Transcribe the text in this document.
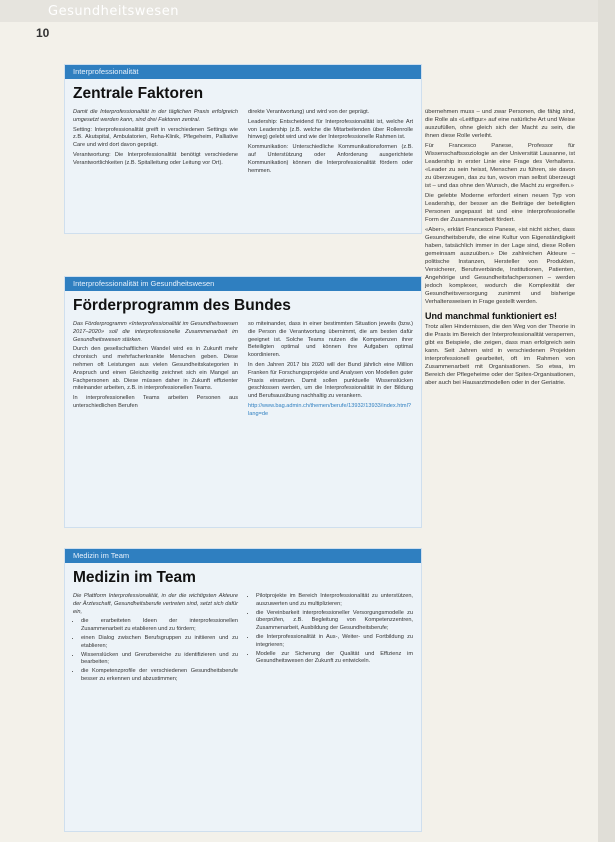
Gesundheitswesen
10
Interprofessionalität
Zentrale Faktoren

Damit die Interprofessionalität in der täglichen Praxis erfolgreich umgesetzt werden kann, sind drei Faktoren zentral.

Setting: Interprofessionalität greift in verschiedenen Settings wie z.B. Akutspital, Ambulatorien, Reha-Klinik, Pflegeheim, Palliative Care und wird dort davon geprägt.

Verantwortung: Die Interprofessionalität benötigt verschiedene Verantwortlichkeiten (z.B. Spitalleitung oder Leitung vor Ort).

direkte Verantwortung) und wird von der geprägt.

Leadership: Entscheidend für Interprofessionalität ist, welche Art von Leadership (z.B. welche die Mitarbeitenden über Rollenrolle hinweg) gelebt wird und wie der Interprofessionelle Rahmen ist.

Kommunikation: Unterschiedliche Kommunikationsformen (z.B. auf Unterstützung oder Anforderung ausgerichtete Kommunikation) können die Interprofessionalität fördern oder hemmen.

Interprofessionalität im Gesundheitswesen
Förderprogramm des Bundes

Das Förderprogramm «Interprofessionalität im Gesundheitswesen 2017–2020» soll die interprofessionelle Zusammenarbeit im Gesundheitswesen stärken.

Durch den gesellschaftlichen Wandel wird es in Zukunft mehr chronisch und mehrfacherkrankte Menschen geben. Diese nehmen oft Leistungen aus vielen Gesundheitskategorien in Anspruch und einen Gleichzeitig zeichnet sich ein Mangel an Fachpersonen ab. Diese müssen daher in Zukunft effizienter miteinander arbeiten, z.B. in interprofessionellen Teams.

In interprofessionellen Teams arbeiten Personen aus unterschiedlichen Berufen

so miteinander, dass in einer bestimmten Situation jeweils (bzw.) die Person die Verantwortung übernimmt, die am besten dafür geeignet ist. Solche Teams nutzen die Kompetenzen ihrer Beteiligten optimal und können ihre Aufgaben optimal koordinieren.

In den Jahren 2017 bis 2020 will der Bund jährlich eine Million Franken für Forschungsprojekte und Analysen von Modellen guter Praxis einsetzen. Damit sollen punktuelle Wissenslücken geschlossen werden, um die Interprofessionalität in der Bildung und Berufsausübung nachhaltig zu verankern.

http://www.bag.admin.ch/themen/berufe/13932/13933/index.html?lang=de

Medizin im Team
Medizin im Team

Die Plattform Interprofessionalität, in der die wichtigsten Akteure der Ärzteschaft, Gesundheitsberufe vertreten sind, setzt sich dafür ein,

• die erarbeiteten Ideen der interprofessionellen Zusammenarbeit zu etablieren und zu fördern;
• einen Dialog zwischen Berufsgruppen zu initiieren und zu etablieren;
• Wissenslücken und Grenzbereiche zu identifizieren und zu bearbeiten;
• die Kompetenzprofile der verschiedenen Gesundheitsberufe besser zu erkennen und abzustimmen;
• Pilotprojekte im Bereich Interprofessionalität zu unterstützen, auszuwerten und zu multiplizieren;
• die Vereinbarkeit interprofessioneller Versorgungsmodelle zu überprüfen, z.B. Begleitung von Kompetenzzentren, Zusammenarbeit, Ausbildung der Gesundheitsberufe;
• die Interprofessionalität in Aus-, Weiter- und Fortbildung zu integrieren;
• Modelle zur Sicherung der Qualität und Effizienz im Gesundheitswesen der Zukunft zu entwickeln.

übernehmen muss – und zwar Personen, die fähig sind, die Rolle als «Leitfigur» auf eine natürliche Art und Weise auszufüllen, ohne gleich sich der Macht zu sein, die ihnen diese Rolle verleiht.

Für Francesco Panese, Professor für Wissenschaftssoziologie an der Universität Lausanne, ist Leadership in erster Linie eine Frage des Verhaltens. «Leader zu sein heisst, Menschen zu führen, sie davon zu überzeugen, das zu tun, wovon man selbst überzeugt ist – und das ohne den Wunsch, die Macht zu ergreifen.»

Die gelebte Moderne erfordert einen neuen Typ von Leadership, der besser an die Beiträge der beteiligten Personen angepasst ist und eine interprofessionelle Form der Zusammenarbeit fördert.

«Aber», erklärt Francesco Panese, «ist nicht sicher, dass Gesundheitsberufe, die eine Kultur von Eigenständigkeit haben, tatsächlich immer in der Lage sind, diese Rollen gemeinsam auszuüben.» Die zahlreichen Akteure – politische Instanzen, Hersteller von Produkten, Versicherer, Berufsverbände, Institutionen, Patienten, Angehörige und Gesundheitsfachpersonen – werden jedoch komplexer, wodurch die Komplexität der Gesundheitsversorgung zunimmt und bisherige Verhaltensweisen in Frage gestellt werden.

Und manchmal funktioniert es!

Trotz allen Hindernissen, die den Weg von der Theorie in die Praxis im Bereich der Interprofessionalität versperren, gibt es Beispiele, die zeigen, dass man erfolgreich sein kann. Seit Jahren wird in verschiedenen Projekten interprofessionell gearbeitet, oft im Rahmen von Zusammenarbeit mit Organisationen. So etwa, im Bereich der Pflegeheime oder der Spitex-Organisationen, aber auch bei Hausarztmodellen oder in der Geriatrie.
